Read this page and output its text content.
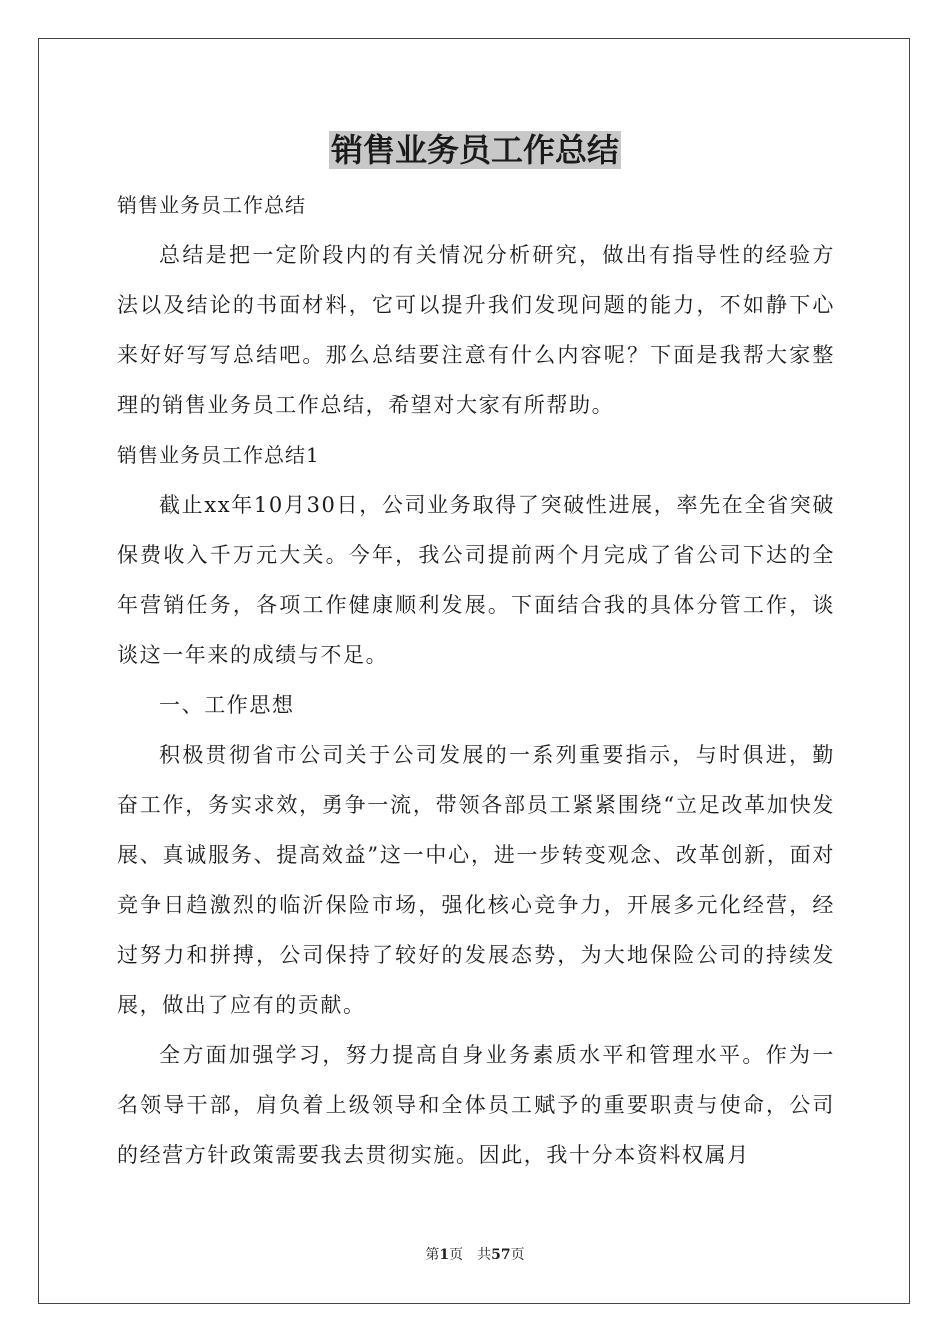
销售业务员工作总结

销售业务员工作总结

总结是把一定阶段内的有关情况分析研究，做出有指导性的经验方法以及结论的书面材料，它可以提升我们发现问题的能力，不如静下心来好好写写总结吧。那么总结要注意有什么内容呢？下面是我帮大家整理的销售业务员工作总结，希望对大家有所帮助。

销售业务员工作总结1

截止xx年10月30日，公司业务取得了突破性进展，率先在全省突破保费收入千万元大关。今年，我公司提前两个月完成了省公司下达的全年营销任务，各项工作健康顺利发展。下面结合我的具体分管工作，谈谈这一年来的成绩与不足。

一、工作思想

积极贯彻省市公司关于公司发展的一系列重要指示，与时俱进，勤奋工作，务实求效，勇争一流，带领各部员工紧紧围绕“立足改革加快发展、真诚服务、提高效益”这一中心，进一步转变观念、改革创新，面对竞争日趋激烈的临沂保险市场，强化核心竞争力，开展多元化经营，经过努力和拼搏，公司保持了较好的发展态势，为大地保险公司的持续发展，做出了应有的贡献。

全方面加强学习，努力提高自身业务素质水平和管理水平。作为一名领导干部，肩负着上级领导和全体员工赋予的重要职责与使命，公司的经营方针政策需要我去贯彻实施。因此，我十分本资料权属月

第1页　共57页
